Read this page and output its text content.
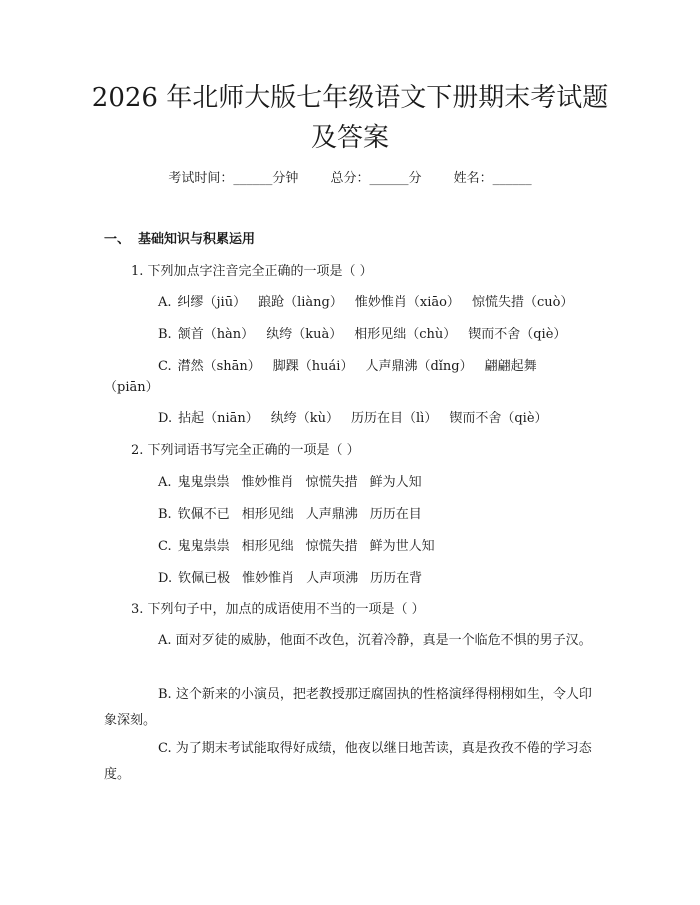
2026 年北师大版七年级语文下册期末考试题
及答案
考试时间：______分钟 总分：______分 姓名：______
一、 基础知识与积累运用
1. 下列加点字注音完全正确的一项是（ ）
A. 纠缪（jiū） 踉跄（liàng） 惟妙惟肖（xiāo） 惊慌失措（cuò）
B. 颔首（hàn） 纨绔（kuà） 相形见绌（chù） 锲而不舍（qiè）
C. 潸然（shān） 脚踝（huái） 人声鼎沸（dǐng） 翩翩起舞
（piān）
D. 拈起（niān） 纨绔（kù） 历历在目（lì） 锲而不舍（qiè）
2. 下列词语书写完全正确的一项是（ ）
A. 鬼鬼祟祟 惟妙惟肖 惊慌失措 鲜为人知
B. 钦佩不已 相形见绌 人声鼎沸 历历在目
C. 鬼鬼祟祟 相形见绌 惊慌失措 鲜为世人知
D. 钦佩已极 惟妙惟肖 人声项沸 历历在背
3. 下列句子中，加点的成语使用不当的一项是（ ）
A. 面对歹徒的威胁，他面不改色，沉着冷静，真是一个临危不惧的男子汉。
B. 这个新来的小演员，把老教授那迂腐固执的性格演绎得栩栩如生，令人印象深刻。
C. 为了期末考试能取得好成绩，他夜以继日地苦读，真是孜孜不倦的学习态度。
